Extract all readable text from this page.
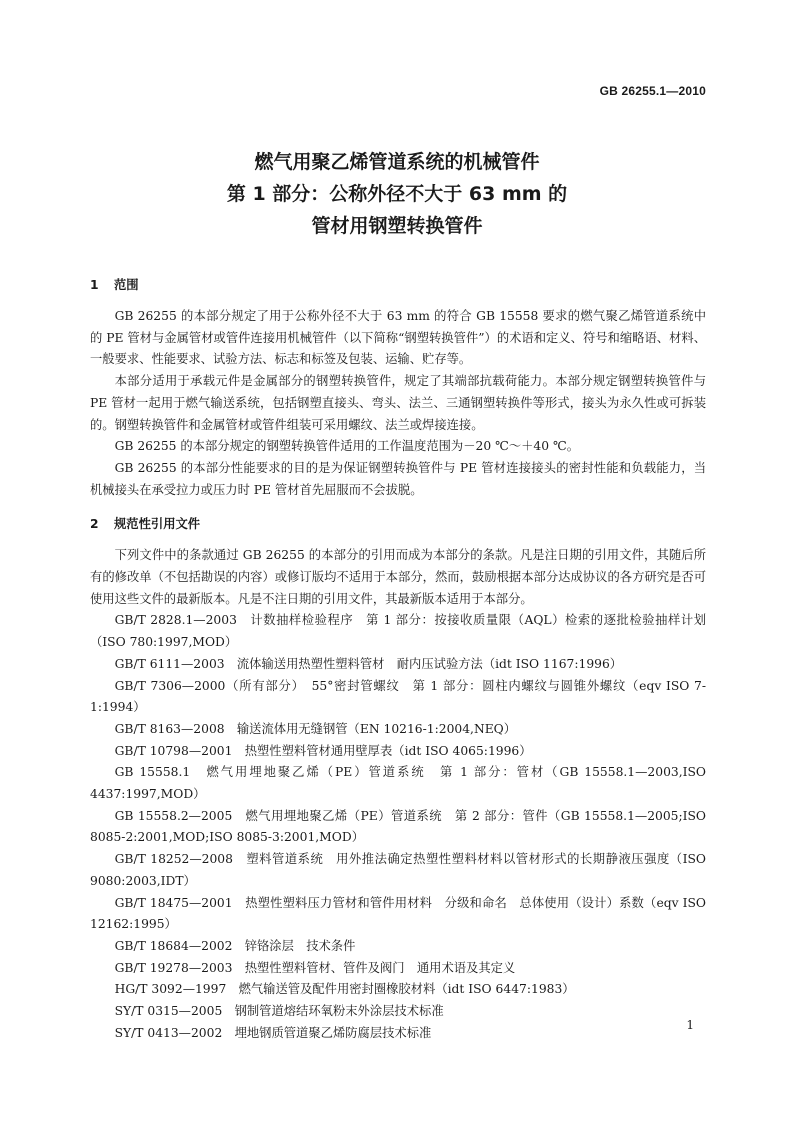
GB 26255.1—2010
燃气用聚乙烯管道系统的机械管件
第 1 部分：公称外径不大于 63 mm 的
管材用钢塑转换管件
1 范围
GB 26255 的本部分规定了用于公称外径不大于 63 mm 的符合 GB 15558 要求的燃气聚乙烯管道系统中的 PE 管材与金属管材或管件连接用机械管件（以下简称“钢塑转换管件”）的术语和定义、符号和缩略语、材料、一般要求、性能要求、试验方法、标志和标签及包装、运输、贮存等。
本部分适用于承载元件是金属部分的钢塑转换管件，规定了其端部抗载荷能力。本部分规定钢塑转换管件与 PE 管材一起用于燃气输送系统，包括钢塑直接头、弯头、法兰、三通钢塑转换件等形式，接头为永久性或可拆装的。钢塑转换管件和金属管材或管件组装可采用螺纹、法兰或焊接连接。
GB 26255 的本部分规定的钢塑转换管件适用的工作温度范围为－20 ℃～＋40 ℃。
GB 26255 的本部分性能要求的目的是为保证钢塑转换管件与 PE 管材连接接头的密封性能和负载能力，当机械接头在承受拉力或压力时 PE 管材首先屈服而不会拔脱。
2 规范性引用文件
下列文件中的条款通过 GB 26255 的本部分的引用而成为本部分的条款。凡是注日期的引用文件，其随后所有的修改单（不包括勘误的内容）或修订版均不适用于本部分，然而，鼓励根据本部分达成协议的各方研究是否可使用这些文件的最新版本。凡是不注日期的引用文件，其最新版本适用于本部分。
GB/T 2828.1—2003　计数抽样检验程序　第 1 部分：按接收质量限（AQL）检索的逐批检验抽样计划（ISO 780:1997,MOD）
GB/T 6111—2003　流体输送用热塑性塑料管材　耐内压试验方法（idt ISO 1167:1996）
GB/T 7306—2000（所有部分）　55°密封管螺纹　第 1 部分：圆柱内螺纹与圆锥外螺纹（eqv ISO 7-1:1994）
GB/T 8163—2008　输送流体用无缝钢管（EN 10216-1:2004,NEQ）
GB/T 10798—2001　热塑性塑料管材通用壁厚表（idt ISO 4065:1996）
GB 15558.1　燃气用埋地聚乙烯（PE）管道系统　第 1 部分：管材（GB 15558.1—2003,ISO 4437:1997,MOD）
GB 15558.2—2005　燃气用埋地聚乙烯（PE）管道系统　第 2 部分：管件（GB 15558.1—2005;ISO 8085-2:2001,MOD;ISO 8085-3:2001,MOD）
GB/T 18252—2008　塑料管道系统　用外推法确定热塑性塑料材料以管材形式的长期静液压强度（ISO 9080:2003,IDT）
GB/T 18475—2001　热塑性塑料压力管材和管件用材料　分级和命名　总体使用（设计）系数（eqv ISO 12162:1995）
GB/T 18684—2002　锌铬涂层　技术条件
GB/T 19278—2003　热塑性塑料管材、管件及阀门　通用术语及其定义
HG/T 3092—1997　燃气输送管及配件用密封圈橡胶材料（idt ISO 6447:1983）
SY/T 0315—2005　钢制管道熔结环氧粉末外涂层技术标准
SY/T 0413—2002　埋地钢质管道聚乙烯防腐层技术标准
1
